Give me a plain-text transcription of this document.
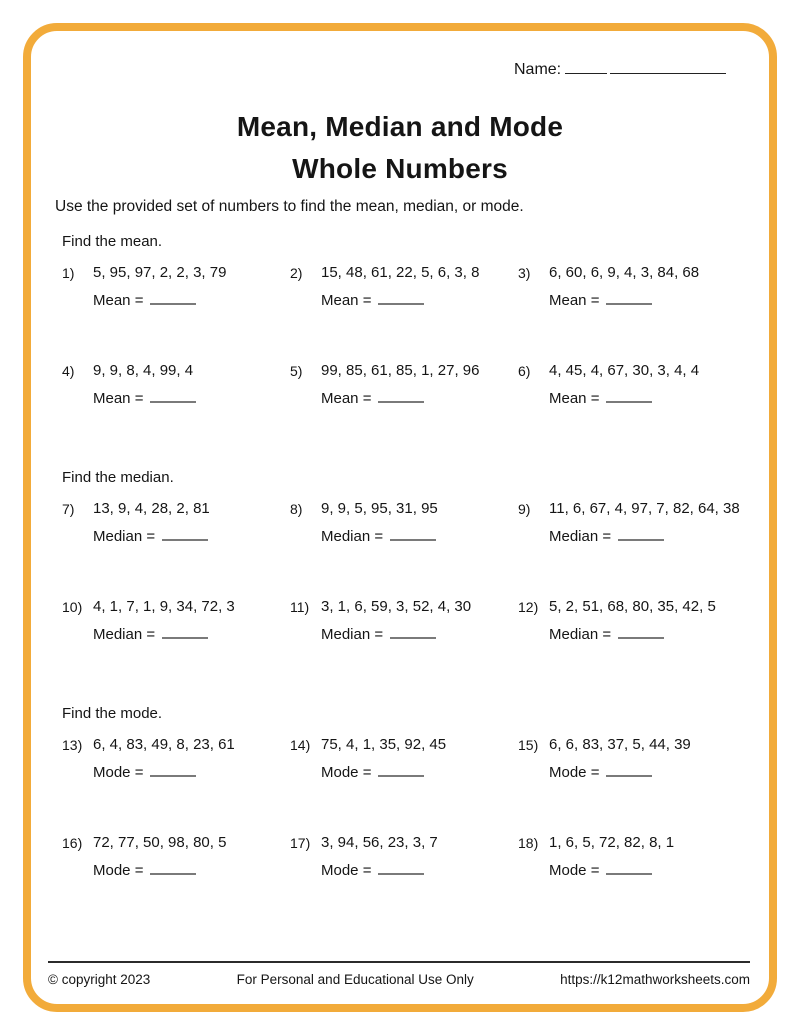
Name:
Mean, Median and Mode
Whole Numbers
Use the provided set of numbers to find the mean, median, or mode.
Find the mean.
1)	5, 95, 97, 2, 2, 3, 79
Mean =
2)	15, 48, 61, 22, 5, 6, 3, 8
Mean =
3)	6, 60, 6, 9, 4, 3, 84, 68
Mean =
4)	9, 9, 8, 4, 99, 4
Mean =
5)	99, 85, 61, 85, 1, 27, 96
Mean =
6)	4, 45, 4, 67, 30, 3, 4, 4
Mean =
Find the median.
7)	13, 9, 4, 28, 2, 81
Median =
8)	9, 9, 5, 95, 31, 95
Median =
9)	11, 6, 67, 4, 97, 7, 82, 64, 38
Median =
10) 4, 1, 7, 1, 9, 34, 72, 3
Median =
11) 3, 1, 6, 59, 3, 52, 4, 30
Median =
12) 5, 2, 51, 68, 80, 35, 42, 5
Median =
Find the mode.
13) 6, 4, 83, 49, 8, 23, 61
Mode =
14) 75, 4, 1, 35, 92, 45
Mode =
15) 6, 6, 83, 37, 5, 44, 39
Mode =
16) 72, 77, 50, 98, 80, 5
Mode =
17) 3, 94, 56, 23, 3, 7
Mode =
18) 1, 6, 5, 72, 82, 8, 1
Mode =
© copyright 2023	For Personal and Educational Use Only	https://k12mathworksheets.com
